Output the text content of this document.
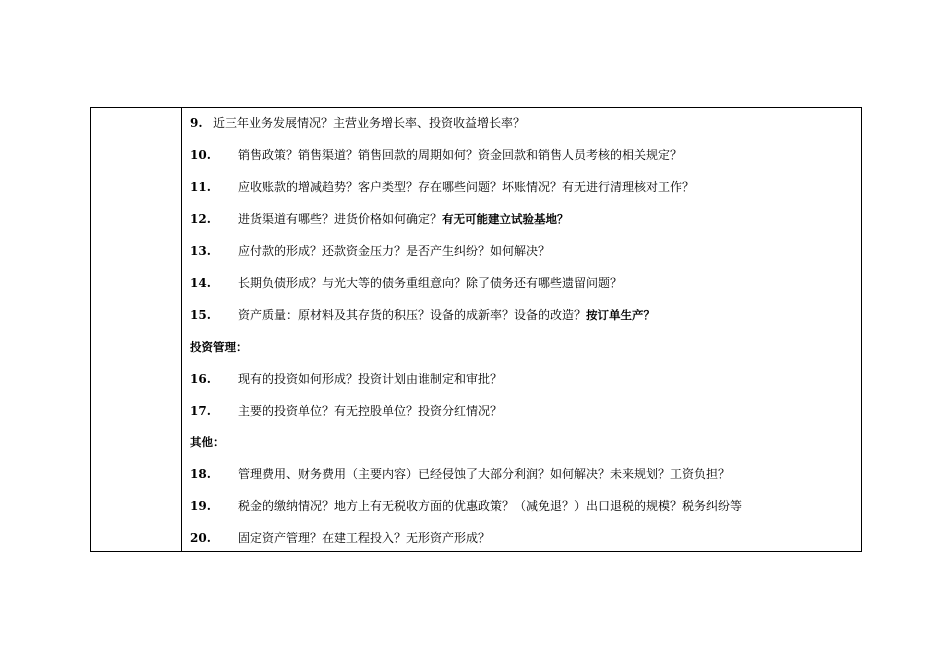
9. 近三年业务发展情况？主营业务增长率、投资收益增长率？
10. 销售政策？销售渠道？销售回款的周期如何？资金回款和销售人员考核的相关规定？
11. 应收账款的增减趋势？客户类型？存在哪些问题？坏账情况？有无进行清理核对工作？
12. 进货渠道有哪些？进货价格如何确定？有无可能建立试验基地？
13. 应付款的形成？还款资金压力？是否产生纠纷？如何解决？
14. 长期负债形成？与光大等的债务重组意向？除了债务还有哪些遗留问题？
15. 资产质量：原材料及其存货的积压？设备的成新率？设备的改造？按订单生产？
投资管理：
16. 现有的投资如何形成？投资计划由谁制定和审批？
17. 主要的投资单位？有无控股单位？投资分红情况？
其他：
18. 管理费用、财务费用（主要内容）已经侵蚀了大部分利润？如何解决？未来规划？工资负担？
19. 税金的缴纳情况？地方上有无税收方面的优惠政策？（减免退？）出口退税的规模？税务纠纷等
20. 固定资产管理？在建工程投入？无形资产形成？
